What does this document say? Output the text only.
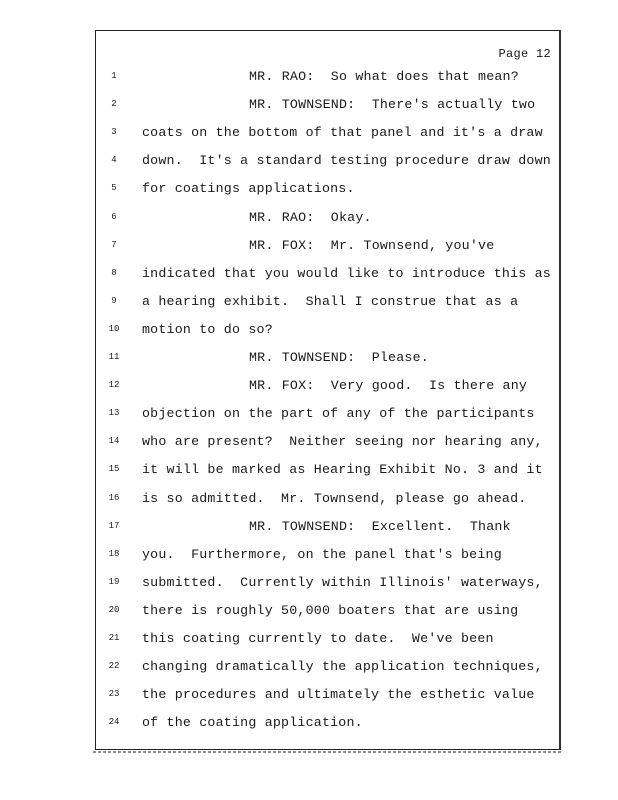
Page 12
1	MR. RAO:  So what does that mean?
2	MR. TOWNSEND:  There's actually two
3	coats on the bottom of that panel and it's a draw
4	down.  It's a standard testing procedure draw down
5	for coatings applications.
6	MR. RAO:  Okay.
7	MR. FOX:  Mr. Townsend, you've
8	indicated that you would like to introduce this as
9	a hearing exhibit.  Shall I construe that as a
10	motion to do so?
11	MR. TOWNSEND:  Please.
12	MR. FOX:  Very good.  Is there any
13	objection on the part of any of the participants
14	who are present?  Neither seeing nor hearing any,
15	it will be marked as Hearing Exhibit No. 3 and it
16	is so admitted.  Mr. Townsend, please go ahead.
17	MR. TOWNSEND:  Excellent.  Thank
18	you.  Furthermore, on the panel that's being
19	submitted.  Currently within Illinois' waterways,
20	there is roughly 50,000 boaters that are using
21	this coating currently to date.  We've been
22	changing dramatically the application techniques,
23	the procedures and ultimately the esthetic value
24	of the coating application.
